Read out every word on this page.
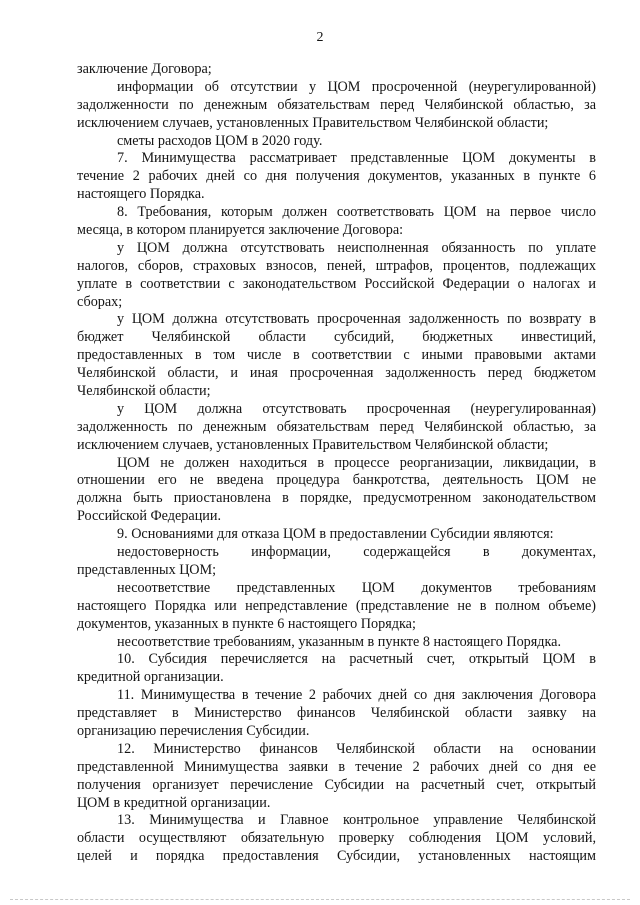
2
заключение Договора;
информации об отсутствии у ЦОМ просроченной (неурегулированной)
задолженности по денежным обязательствам перед Челябинской областью, за
исключением случаев, установленных Правительством Челябинской области;
сметы расходов ЦОМ в 2020 году.
7. Минимущества рассматривает представленные ЦОМ документы в
течение 2 рабочих дней со дня получения документов, указанных в пункте 6
настоящего Порядка.
8. Требования, которым должен соответствовать ЦОМ на первое число
месяца, в котором планируется заключение Договора:
у ЦОМ должна отсутствовать неисполненная обязанность по уплате
налогов, сборов, страховых взносов, пеней, штрафов, процентов, подлежащих
уплате в соответствии с законодательством Российской Федерации о налогах и
сборах;
у ЦОМ должна отсутствовать просроченная задолженность по возврату в
бюджет Челябинской области субсидий, бюджетных инвестиций,
предоставленных в том числе в соответствии с иными правовыми актами
Челябинской области, и иная просроченная задолженность перед бюджетом
Челябинской области;
у ЦОМ должна отсутствовать просроченная (неурегулированная)
задолженность по денежным обязательствам перед Челябинской областью, за
исключением случаев, установленных Правительством Челябинской области;
ЦОМ не должен находиться в процессе реорганизации, ликвидации, в
отношении его не введена процедура банкротства, деятельность ЦОМ не
должна быть приостановлена в порядке, предусмотренном законодательством
Российской Федерации.
9. Основаниями для отказа ЦОМ в предоставлении Субсидии являются:
недостоверность информации, содержащейся в документах,
представленных ЦОМ;
несоответствие представленных ЦОМ документов требованиям
настоящего Порядка или непредставление (представление не в полном объеме)
документов, указанных в пункте 6 настоящего Порядка;
несоответствие требованиям, указанным в пункте 8 настоящего Порядка.
10. Субсидия перечисляется на расчетный счет, открытый ЦОМ в
кредитной организации.
11. Минимущества в течение 2 рабочих дней со дня заключения Договора
представляет в Министерство финансов Челябинской области заявку на
организацию перечисления Субсидии.
12. Министерство финансов Челябинской области на основании
представленной Минимущества заявки в течение 2 рабочих дней со дня ее
получения организует перечисление Субсидии на расчетный счет, открытый
ЦОМ в кредитной организации.
13. Минимущества и Главное контрольное управление Челябинской
области осуществляют обязательную проверку соблюдения ЦОМ условий,
целей и порядка предоставления Субсидии, установленных настоящим
